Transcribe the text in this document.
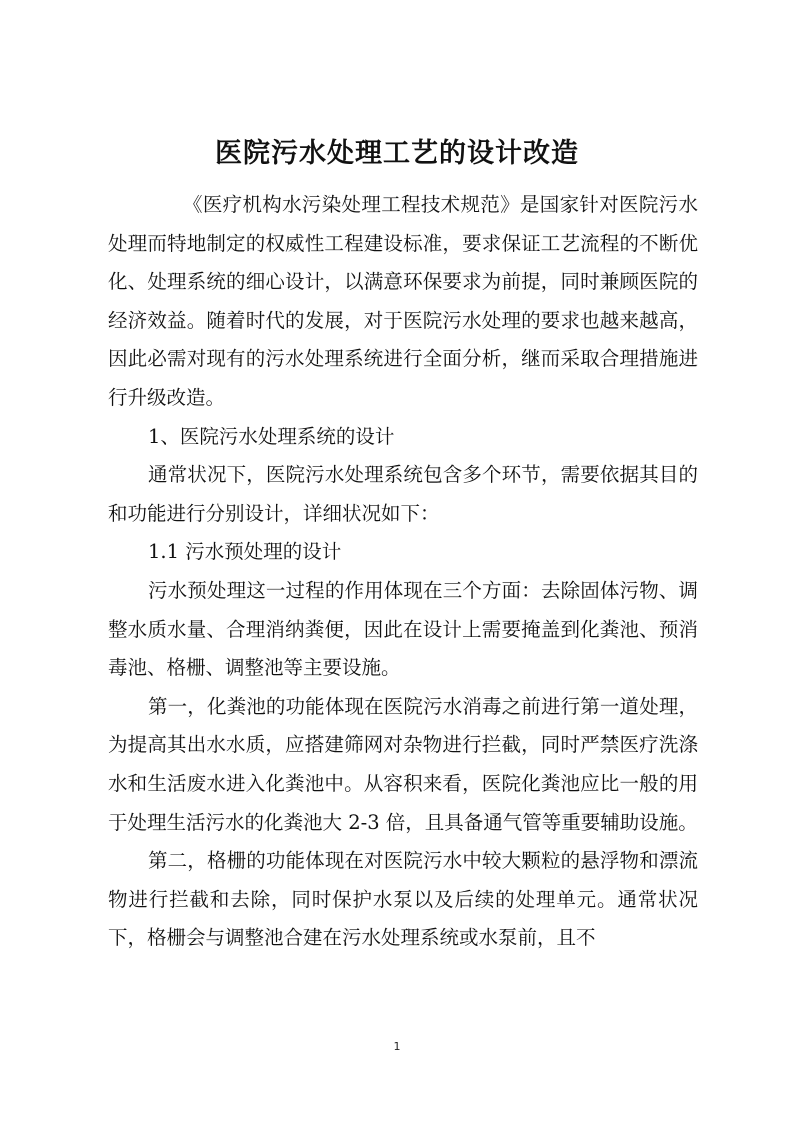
医院污水处理工艺的设计改造

《医疗机构水污染处理工程技术规范》是国家针对医院污水处理而特地制定的权威性工程建设标准，要求保证工艺流程的不断优化、处理系统的细心设计，以满意环保要求为前提，同时兼顾医院的经济效益。随着时代的发展，对于医院污水处理的要求也越来越高，因此必需对现有的污水处理系统进行全面分析，继而采取合理措施进行升级改造。

1、医院污水处理系统的设计

通常状况下，医院污水处理系统包含多个环节，需要依据其目的和功能进行分别设计，详细状况如下：

1.1 污水预处理的设计

污水预处理这一过程的作用体现在三个方面：去除固体污物、调整水质水量、合理消纳粪便，因此在设计上需要掩盖到化粪池、预消毒池、格栅、调整池等主要设施。

第一，化粪池的功能体现在医院污水消毒之前进行第一道处理，为提高其出水水质，应搭建筛网对杂物进行拦截，同时严禁医疗洗涤水和生活废水进入化粪池中。从容积来看，医院化粪池应比一般的用于处理生活污水的化粪池大 2-3 倍，且具备通气管等重要辅助设施。

第二，格栅的功能体现在对医院污水中较大颗粒的悬浮物和漂流物进行拦截和去除，同时保护水泵以及后续的处理单元。通常状况下，格栅会与调整池合建在污水处理系统或水泵前，且不

1
